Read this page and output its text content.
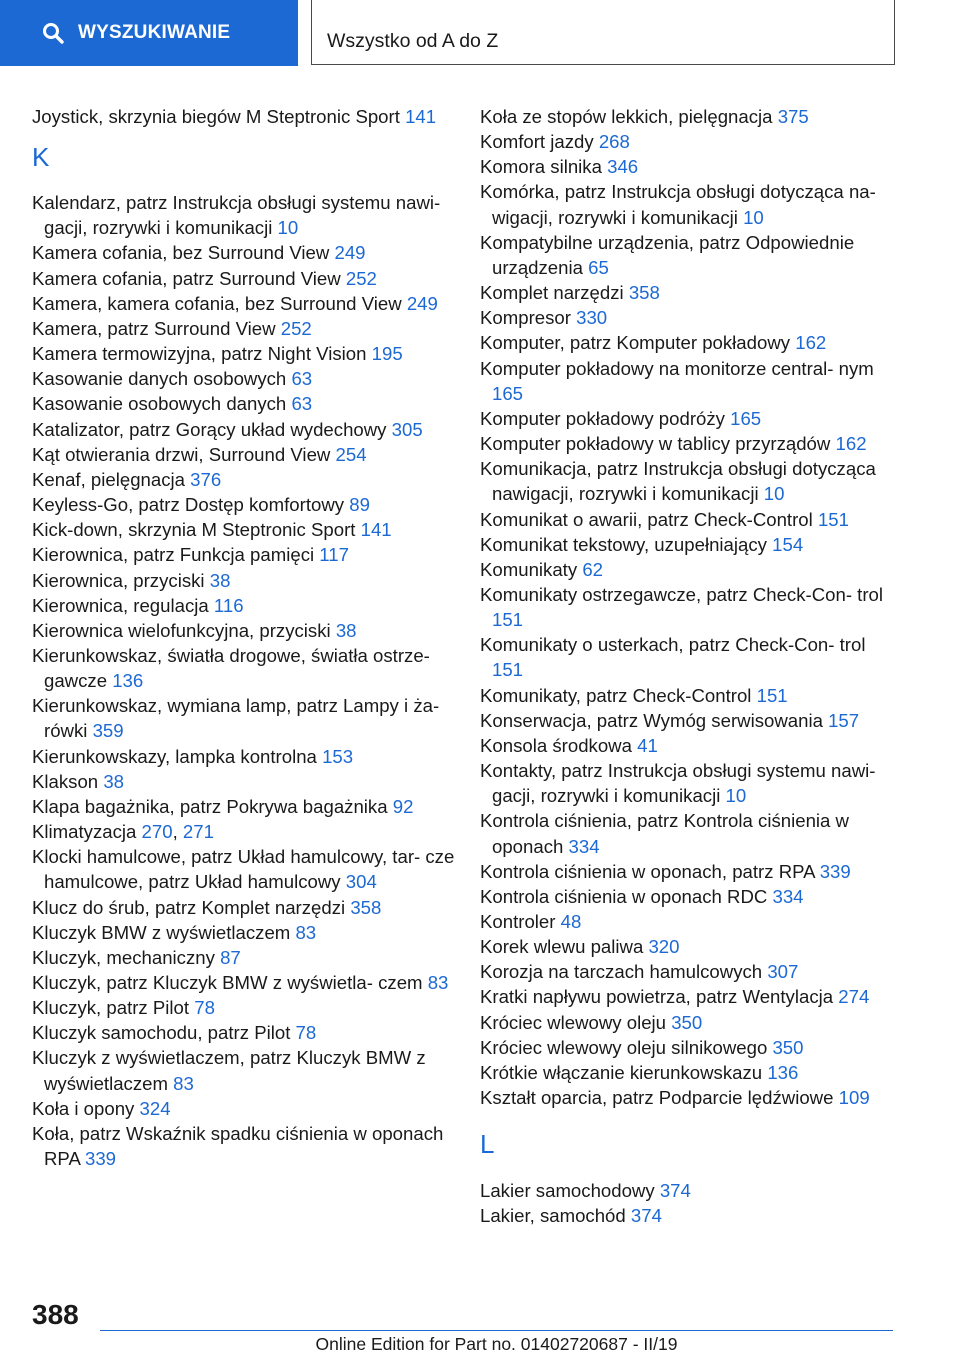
WYSZUKIWANIE	Wszystko od A do Z
Joystick, skrzynia biegów M Steptronic Sport 141
K
Kalendarz, patrz Instrukcja obsługi systemu nawi‐ gacji, rozrywki i komunikacji 10
Kamera cofania, bez Surround View 249
Kamera cofania, patrz Surround View 252
Kamera, kamera cofania, bez Surround View 249
Kamera, patrz Surround View 252
Kamera termowizyjna, patrz Night Vision 195
Kasowanie danych osobowych 63
Kasowanie osobowych danych 63
Katalizator, patrz Gorący układ wydechowy 305
Kąt otwierania drzwi, Surround View 254
Kenaf, pielęgnacja 376
Keyless-Go, patrz Dostęp komfortowy 89
Kick-down, skrzynia M Steptronic Sport 141
Kierownica, patrz Funkcja pamięci 117
Kierownica, przyciski 38
Kierownica, regulacja 116
Kierownica wielofunkcyjna, przyciski 38
Kierunkowskaz, światła drogowe, światła ostrze‐ gawcze 136
Kierunkowskaz, wymiana lamp, patrz Lampy i ża‐ rówki 359
Kierunkowskazy, lampka kontrolna 153
Klakson 38
Klapa bagażnika, patrz Pokrywa bagażnika 92
Klimatyzacja 270, 271
Klocki hamulcowe, patrz Układ hamulcowy, tar‐ cze hamulcowe, patrz Układ hamulcowy 304
Klucz do śrub, patrz Komplet narzędzi 358
Kluczyk BMW z wyświetlaczem 83
Kluczyk, mechaniczny 87
Kluczyk, patrz Kluczyk BMW z wyświetla‐ czem 83
Kluczyk, patrz Pilot 78
Kluczyk samochodu, patrz Pilot 78
Kluczyk z wyświetlaczem, patrz Kluczyk BMW z wyświetlaczem 83
Koła i opony 324
Koła, patrz Wskaźnik spadku ciśnienia w oponach RPA 339
Koła ze stopów lekkich, pielęgnacja 375
Komfort jazdy 268
Komora silnika 346
Komórka, patrz Instrukcja obsługi dotycząca na‐ wigacji, rozrywki i komunikacji 10
Kompatybilne urządzenia, patrz Odpowiednie urządzenia 65
Komplet narzędzi 358
Kompresor 330
Komputer, patrz Komputer pokładowy 162
Komputer pokładowy na monitorze central‐ nym 165
Komputer pokładowy podróży 165
Komputer pokładowy w tablicy przyrządów 162
Komunikacja, patrz Instrukcja obsługi dotycząca nawigacji, rozrywki i komunikacji 10
Komunikat o awarii, patrz Check-Control 151
Komunikat tekstowy, uzupełniający 154
Komunikaty 62
Komunikaty ostrzegawcze, patrz Check-Con‐ trol 151
Komunikaty o usterkach, patrz Check-Con‐ trol 151
Komunikaty, patrz Check-Control 151
Konserwacja, patrz Wymóg serwisowania 157
Konsola środkowa 41
Kontakty, patrz Instrukcja obsługi systemu nawi‐ gacji, rozrywki i komunikacji 10
Kontrola ciśnienia, patrz Kontrola ciśnienia w oponach 334
Kontrola ciśnienia w oponach, patrz RPA 339
Kontrola ciśnienia w oponach RDC 334
Kontroler 48
Korek wlewu paliwa 320
Korozja na tarczach hamulcowych 307
Kratki napływu powietrza, patrz Wentylacja 274
Króciec wlewowy oleju 350
Króciec wlewowy oleju silnikowego 350
Krótkie włączanie kierunkowskazu 136
Kształt oparcia, patrz Podparcie lędźwiowe 109
L
Lakier samochodowy 374
Lakier, samochód 374
388
Online Edition for Part no. 01402720687 - II/19
